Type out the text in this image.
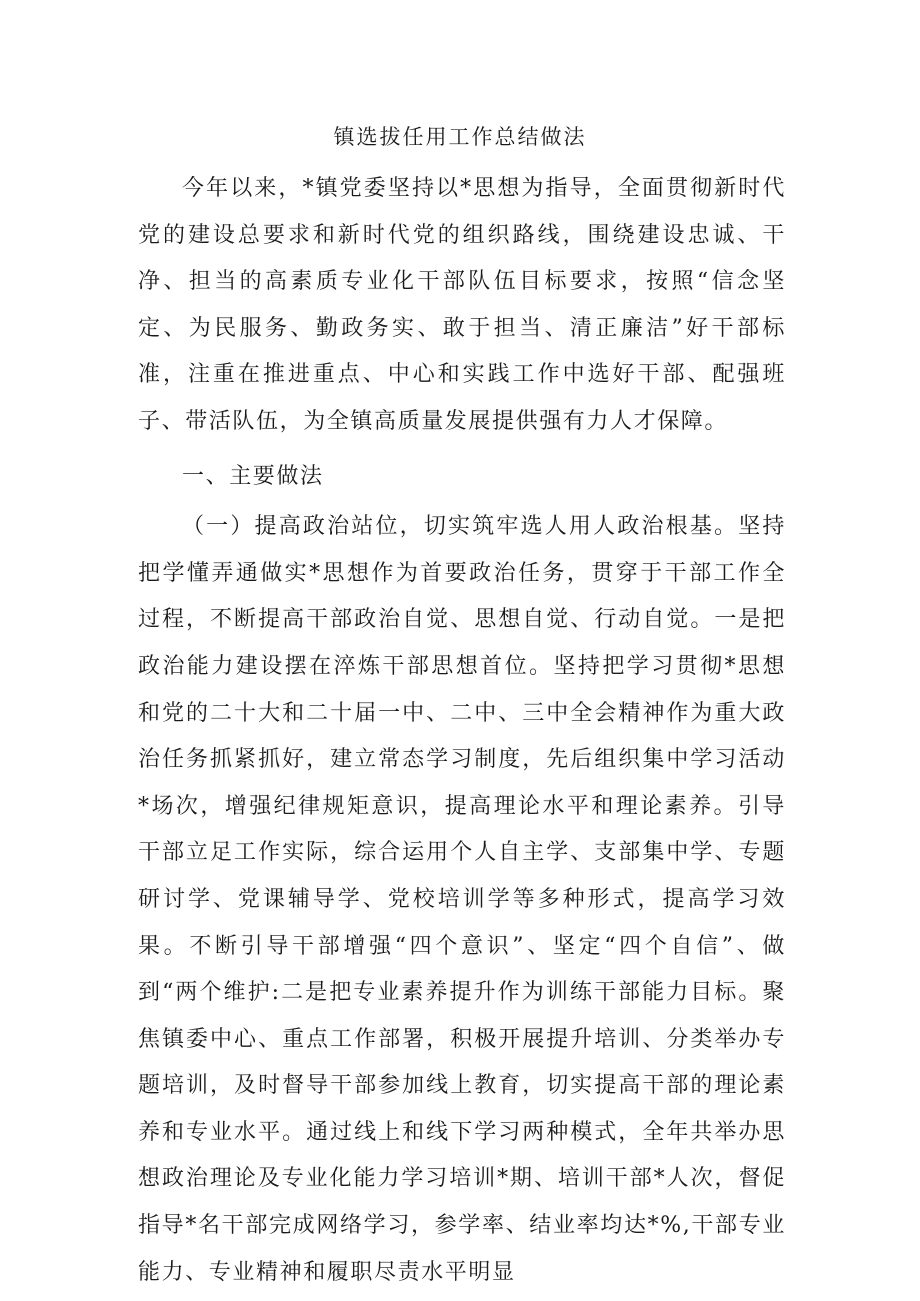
镇选拔任用工作总结做法

今年以来，*镇党委坚持以*思想为指导，全面贯彻新时代党的建设总要求和新时代党的组织路线，围绕建设忠诚、干净、担当的高素质专业化干部队伍目标要求，按照“信念坚定、为民服务、勤政务实、敢于担当、清正廉洁”好干部标准，注重在推进重点、中心和实践工作中选好干部、配强班子、带活队伍，为全镇高质量发展提供强有力人才保障。

一、主要做法

（一）提高政治站位，切实筑牢选人用人政治根基。坚持把学懂弄通做实*思想作为首要政治任务，贯穿于干部工作全过程，不断提高干部政治自觉、思想自觉、行动自觉。一是把政治能力建设摆在淬炼干部思想首位。坚持把学习贯彻*思想和党的二十大和二十届一中、二中、三中全会精神作为重大政治任务抓紧抓好，建立常态学习制度，先后组织集中学习活动*场次，增强纪律规矩意识，提高理论水平和理论素养。引导干部立足工作实际，综合运用个人自主学、支部集中学、专题研讨学、党课辅导学、党校培训学等多种形式，提高学习效果。不断引导干部增强“四个意识”、坚定“四个自信”、做到“两个维护:二是把专业素养提升作为训练干部能力目标。聚焦镇委中心、重点工作部署，积极开展提升培训、分类举办专题培训，及时督导干部参加线上教育，切实提高干部的理论素养和专业水平。通过线上和线下学习两种模式，全年共举办思想政治理论及专业化能力学习培训*期、培训干部*人次，督促指导*名干部完成网络学习，参学率、结业率均达*%,干部专业能力、专业精神和履职尽责水平明显
